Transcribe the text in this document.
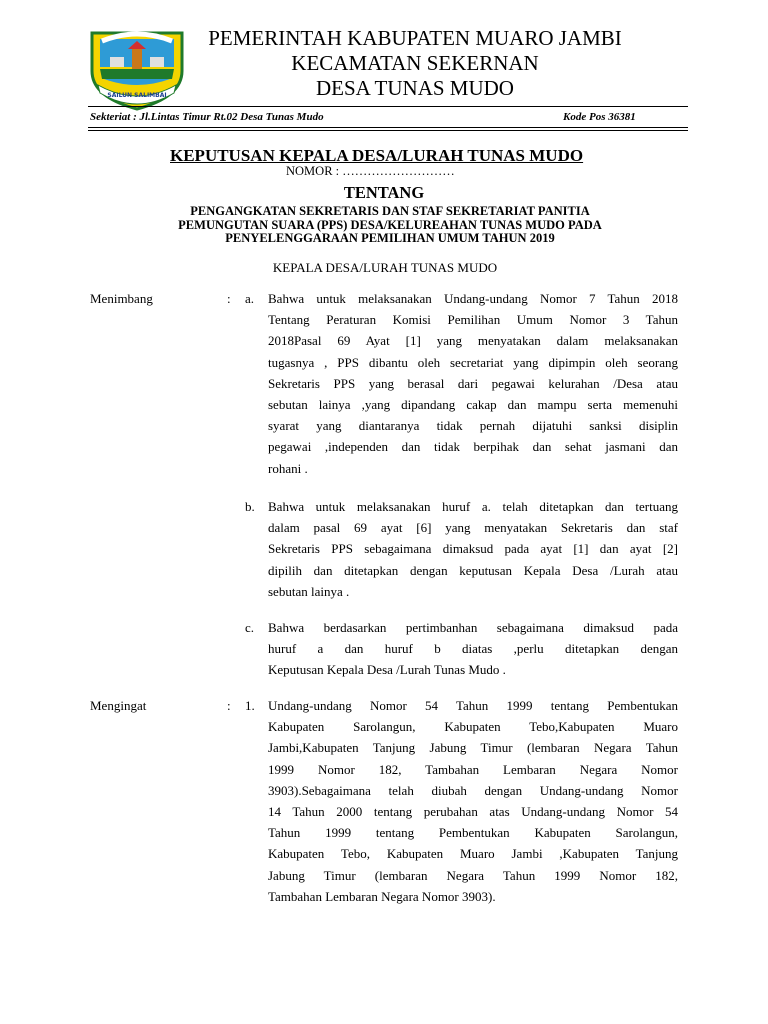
SAILUN SALIMBAI
PEMERINTAH KABUPATEN MUARO JAMBI
KECAMATAN SEKERNAN
DESA TUNAS MUDO
Sekteriat : Jl.Lintas Timur Rt.02 Desa Tunas Mudo	Kode Pos 36381
KEPUTUSAN KEPALA DESA/LURAH TUNAS MUDO
NOMOR : ………………………
TENTANG
PENGANGKATAN SEKRETARIS DAN STAF SEKRETARIAT PANITIA
PEMUNGUTAN SUARA (PPS) DESA/KELUREAHAN TUNAS MUDO PADA
PENYELENGGARAAN PEMILIHAN UMUM TAHUN 2019
KEPALA DESA/LURAH TUNAS MUDO
Menimbang	: a. Bahwa untuk melaksanakan Undang-undang Nomor 7 Tahun 2018
Tentang Peraturan Komisi Pemilihan Umum Nomor 3 Tahun
2018Pasal 69 Ayat [1] yang menyatakan dalam melaksanakan
tugasnya , PPS dibantu oleh secretariat yang dipimpin oleh seorang
Sekretaris PPS yang berasal dari pegawai kelurahan /Desa atau
sebutan lainya ,yang dipandang cakap dan mampu serta memenuhi
syarat yang diantaranya tidak pernah dijatuhi sanksi disiplin
pegawai ,independen dan tidak berpihak dan sehat jasmani dan
rohani .
b. Bahwa untuk melaksanakan huruf a. telah ditetapkan dan tertuang
dalam pasal 69 ayat [6] yang menyatakan Sekretaris dan staf
Sekretaris PPS sebagaimana dimaksud pada ayat [1] dan ayat [2]
dipilih dan ditetapkan dengan keputusan Kepala Desa /Lurah atau
sebutan lainya .
c. Bahwa berdasarkan pertimbanhan sebagaimana dimaksud pada
huruf a dan huruf b diatas ,perlu ditetapkan dengan
Keputusan Kepala Desa /Lurah Tunas Mudo .
Mengingat	: 1. Undang-undang Nomor 54 Tahun 1999 tentang Pembentukan
Kabupaten Sarolangun, Kabupaten Tebo,Kabupaten Muaro
Jambi,Kabupaten Tanjung Jabung Timur (lembaran Negara Tahun
1999 Nomor 182, Tambahan Lembaran Negara Nomor
3903).Sebagaimana telah diubah dengan Undang-undang Nomor
14 Tahun 2000 tentang perubahan atas Undang-undang Nomor 54
Tahun 1999 tentang Pembentukan Kabupaten Sarolangun,
Kabupaten Tebo, Kabupaten Muaro Jambi ,Kabupaten Tanjung
Jabung Timur (lembaran Negara Tahun 1999 Nomor 182,
Tambahan Lembaran Negara Nomor 3903).
